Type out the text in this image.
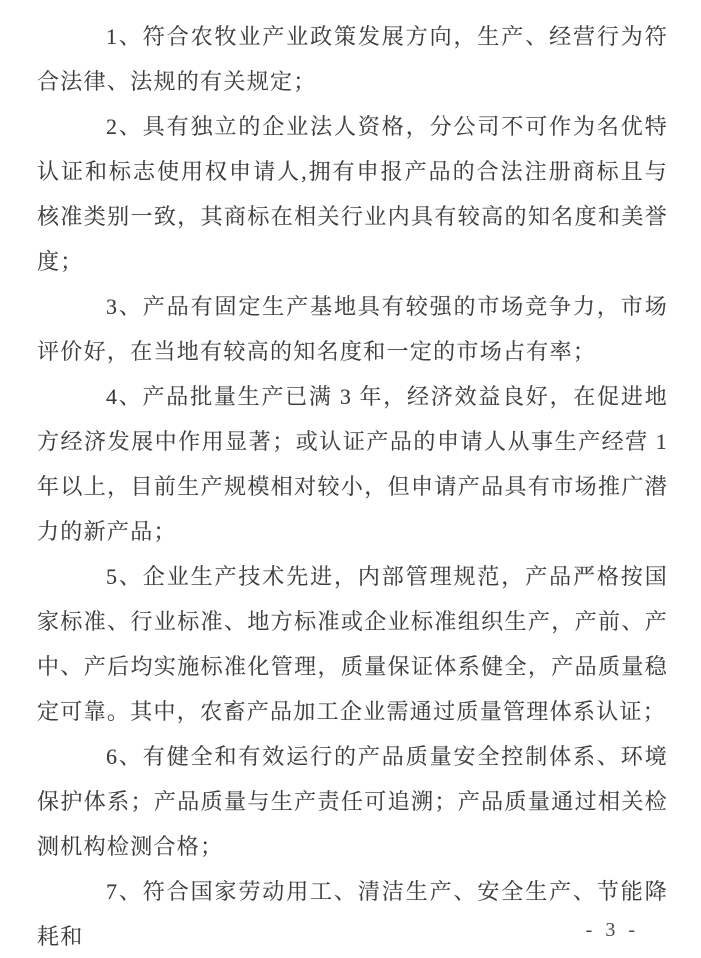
1、符合农牧业产业政策发展方向，生产、经营行为符合法律、法规的有关规定；

2、具有独立的企业法人资格，分公司不可作为名优特认证和标志使用权申请人,拥有申报产品的合法注册商标且与核准类别一致，其商标在相关行业内具有较高的知名度和美誉度；

3、产品有固定生产基地具有较强的市场竞争力，市场评价好，在当地有较高的知名度和一定的市场占有率；

4、产品批量生产已满 3 年，经济效益良好，在促进地方经济发展中作用显著；或认证产品的申请人从事生产经营 1 年以上，目前生产规模相对较小，但申请产品具有市场推广潜力的新产品；

5、企业生产技术先进，内部管理规范，产品严格按国家标准、行业标准、地方标准或企业标准组织生产，产前、产中、产后均实施标准化管理，质量保证体系健全，产品质量稳定可靠。其中，农畜产品加工企业需通过质量管理体系认证；

6、有健全和有效运行的产品质量安全控制体系、环境保护体系；产品质量与生产责任可追溯；产品质量通过相关检测机构检测合格；

7、符合国家劳动用工、清洁生产、安全生产、节能降耗和	- 3 -
